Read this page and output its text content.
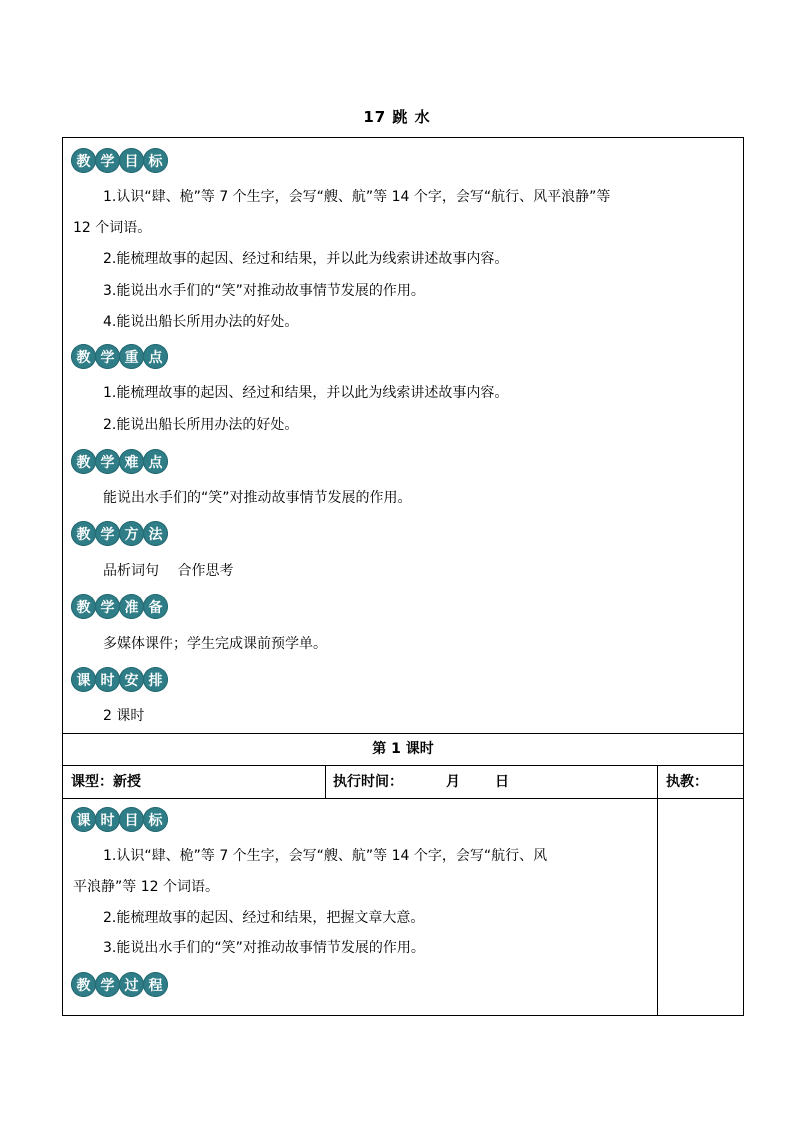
17 跳 水
教 学 目 标
1.认识“肆、桅”等 7 个生字，会写“艘、航”等 14 个字，会写“航行、风平浪静”等
12 个词语。
2.能梳理故事的起因、经过和结果，并以此为线索讲述故事内容。
3.能说出水手们的“笑”对推动故事情节发展的作用。
4.能说出船长所用办法的好处。
教 学 重 点
1.能梳理故事的起因、经过和结果，并以此为线索讲述故事内容。
2.能说出船长所用办法的好处。
教 学 难 点
能说出水手们的“笑”对推动故事情节发展的作用。
教 学 方 法
品析词句　 合作思考
教 学 准 备
多媒体课件；学生完成课前预学单。
课 时 安 排
2 课时
第 1 课时
课型：新授	执行时间：	月	日	执教：
课 时 目 标
1.认识“肆、桅”等 7 个生字，会写“艘、航”等 14 个字，会写“航行、风
平浪静”等 12 个词语。
2.能梳理故事的起因、经过和结果，把握文章大意。
3.能说出水手们的“笑”对推动故事情节发展的作用。
教 学 过 程
